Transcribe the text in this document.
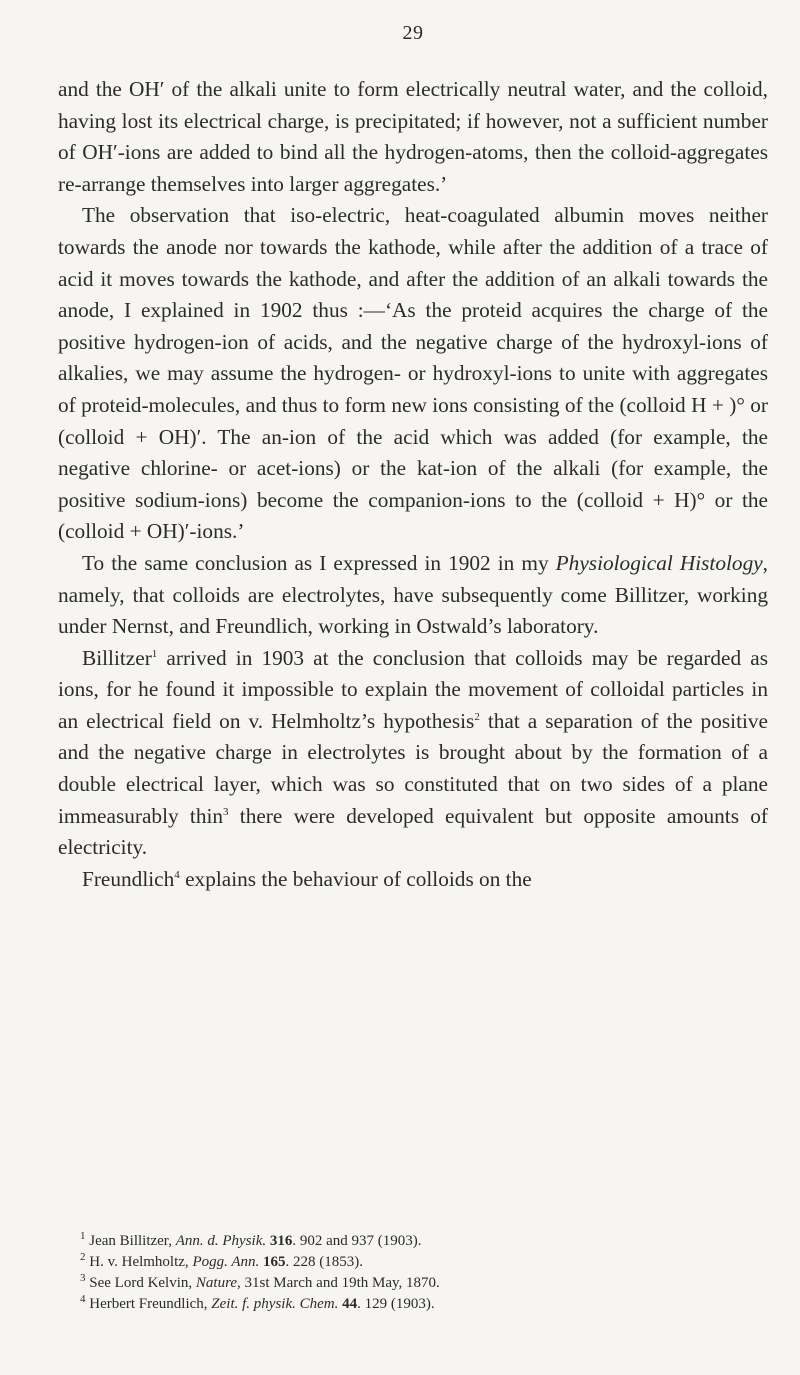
29

and the OH′ of the alkali unite to form electrically neutral water, and the colloid, having lost its electrical charge, is precipitated; if however, not a sufficient number of OH′-ions are added to bind all the hydrogen-atoms, then the colloid-aggregates re-arrange themselves into larger aggregates.’

The observation that iso-electric, heat-coagulated albumin moves neither towards the anode nor towards the kathode, while after the addition of a trace of acid it moves towards the kathode, and after the addition of an alkali towards the anode, I explained in 1902 thus :—‘As the proteid acquires the charge of the positive hydrogen-ion of acids, and the negative charge of the hydroxyl-ions of alkalies, we may assume the hydrogen- or hydroxyl-ions to unite with aggregates of proteid-molecules, and thus to form new ions consisting of the (colloid H + )° or (colloid + OH)′. The an-ion of the acid which was added (for example, the negative chlorine- or acet-ions) or the kat-ion of the alkali (for example, the positive sodium-ions) become the companion-ions to the (colloid + H)° or the (colloid + OH)′-ions.’

To the same conclusion as I expressed in 1902 in my Physiological Histology, namely, that colloids are electrolytes, have subsequently come Billitzer, working under Nernst, and Freundlich, working in Ostwald’s laboratory.

Billitzer$^1$ arrived in 1903 at the conclusion that colloids may be regarded as ions, for he found it impossible to explain the movement of colloidal particles in an electrical field on v. Helmholtz’s hypothesis$^2$ that a separation of the positive and the negative charge in electrolytes is brought about by the formation of a double electrical layer, which was so constituted that on two sides of a plane immeasurably thin$^3$ there were developed equivalent but opposite amounts of electricity.

Freundlich$^4$ explains the behaviour of colloids on the

$^1$ Jean Billitzer, Ann. d. Physik. 316. 902 and 937 (1903).
$^2$ H. v. Helmholtz, Pogg. Ann. 165. 228 (1853).
$^3$ See Lord Kelvin, Nature, 31st March and 19th May, 1870.
$^4$ Herbert Freundlich, Zeit. f. physik. Chem. 44. 129 (1903).
